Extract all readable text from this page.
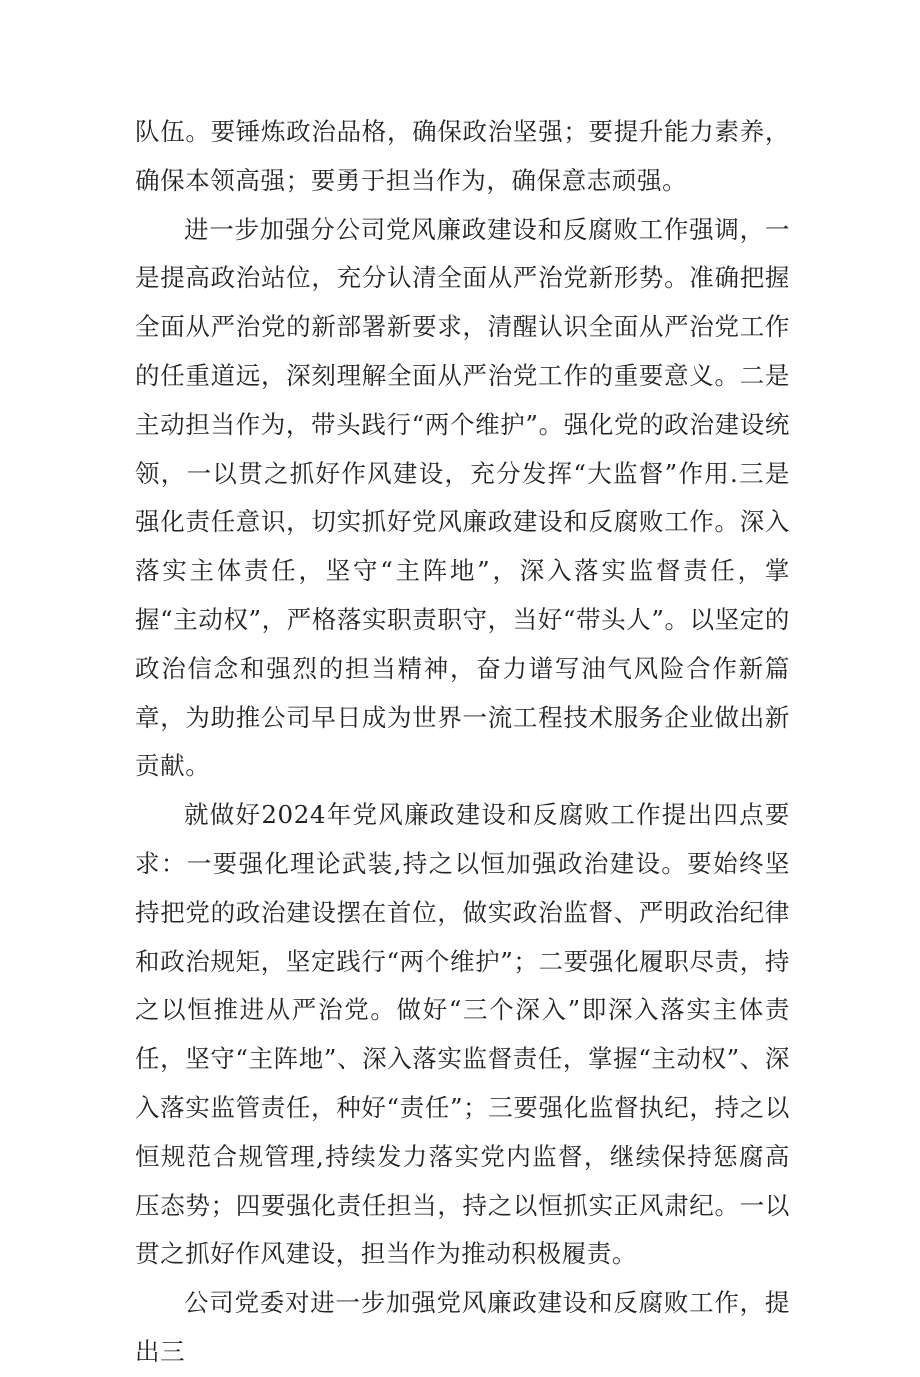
队伍。要锤炼政治品格，确保政治坚强；要提升能力素养，确保本领高强；要勇于担当作为，确保意志顽强。

进一步加强分公司党风廉政建设和反腐败工作强调，一是提高政治站位，充分认清全面从严治党新形势。准确把握全面从严治党的新部署新要求，清醒认识全面从严治党工作的任重道远，深刻理解全面从严治党工作的重要意义。二是主动担当作为，带头践行“两个维护”。强化党的政治建设统领，一以贯之抓好作风建设，充分发挥“大监督”作用.三是强化责任意识，切实抓好党风廉政建设和反腐败工作。深入落实主体责任，坚守“主阵地”，深入落实监督责任，掌握“主动权”，严格落实职责职守，当好“带头人”。以坚定的政治信念和强烈的担当精神，奋力谱写油气风险合作新篇章，为助推公司早日成为世界一流工程技术服务企业做出新贡献。

就做好2024年党风廉政建设和反腐败工作提出四点要求：一要强化理论武装,持之以恒加强政治建设。要始终坚持把党的政治建设摆在首位，做实政治监督、严明政治纪律和政治规矩，坚定践行“两个维护”；二要强化履职尽责，持之以恒推进从严治党。做好“三个深入”即深入落实主体责任，坚守“主阵地”、深入落实监督责任，掌握“主动权”、深入落实监管责任，种好“责任”；三要强化监督执纪，持之以恒规范合规管理,持续发力落实党内监督，继续保持惩腐高压态势；四要强化责任担当，持之以恒抓实正风肃纪。一以贯之抓好作风建设，担当作为推动积极履责。

公司党委对进一步加强党风廉政建设和反腐败工作，提出三
